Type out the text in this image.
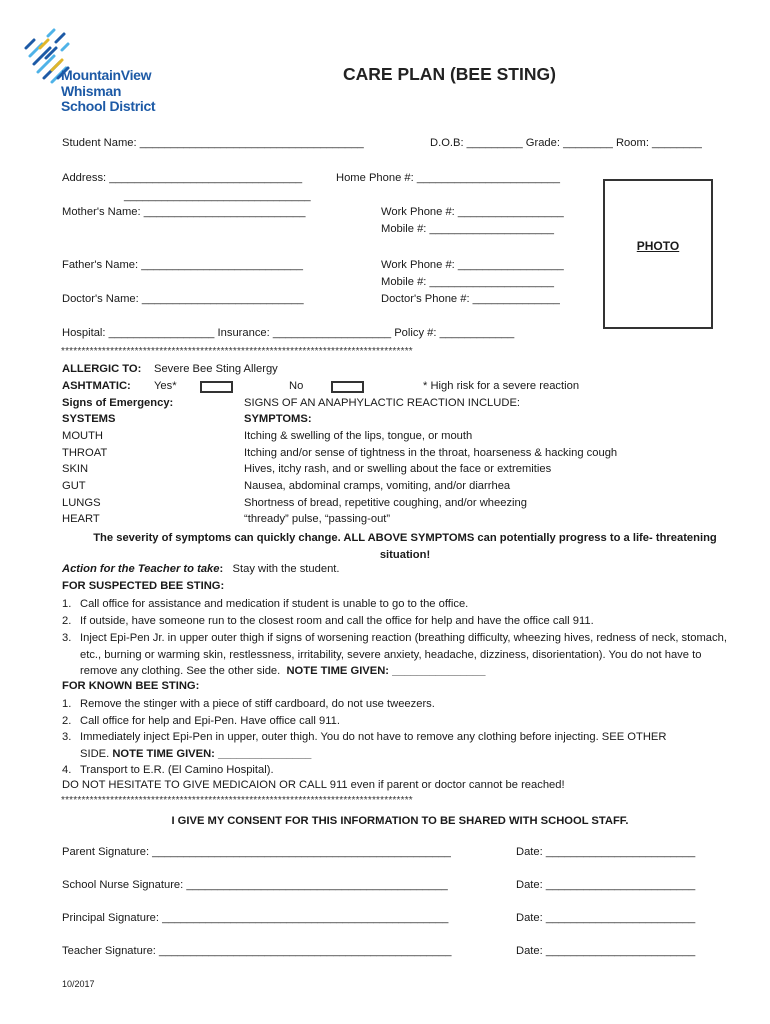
MountainView
Whisman
School District
CARE PLAN (BEE STING)
Student Name: ____________________________________	D.O.B: _________ Grade: ________ Room: ________
Address: _______________________________	Home Phone #: _______________________
______________________________
Mother's Name: __________________________	Work Phone #: _________________
Mobile #: ____________________
PHOTO
Father's Name: __________________________	Work Phone #: _________________
Mobile #: ____________________
Doctor's Name: __________________________	Doctor's Phone #: ______________
Hospital: _________________ Insurance: ___________________ Policy #: ____________
**************************************************************************************
ALLERGIC TO: Severe Bee Sting Allergy
ASHTMATIC: Yes*	No	* High risk for a severe reaction
Signs of Emergency:	SIGNS OF AN ANAPHYLACTIC REACTION INCLUDE:
SYSTEMS	SYMPTOMS:
MOUTH	Itching & swelling of the lips, tongue, or mouth
THROAT	Itching and/or sense of tightness in the throat, hoarseness & hacking cough
SKIN	Hives, itchy rash, and or swelling about the face or extremities
GUT	Nausea, abdominal cramps, vomiting, and/or diarrhea
LUNGS	Shortness of bread, repetitive coughing, and/or wheezing
HEART	“thready” pulse, “passing-out”
The severity of symptoms can quickly change. ALL ABOVE SYMPTOMS can potentially progress to a life- threatening situation!
Action for the Teacher to take: Stay with the student.
FOR SUSPECTED BEE STING:
1. Call office for assistance and medication if student is unable to go to the office.
2. If outside, have someone run to the closest room and call the office for help and have the office call 911.
3. Inject Epi-Pen Jr. in upper outer thigh if signs of worsening reaction (breathing difficulty, wheezing hives, redness of neck, stomach, etc., burning or warming skin, restlessness, irritability, severe anxiety, headache, dizziness, disorientation). You do not have to remove any clothing. See the other side. NOTE TIME GIVEN: _______________
FOR KNOWN BEE STING:
1. Remove the stinger with a piece of stiff cardboard, do not use tweezers.
2. Call office for help and Epi-Pen. Have office call 911.
3. Immediately inject Epi-Pen in upper, outer thigh. You do not have to remove any clothing before injecting. SEE OTHER SIDE. NOTE TIME GIVEN: _______________
4. Transport to E.R. (El Camino Hospital).
DO NOT HESITATE TO GIVE MEDICAION OR CALL 911 even if parent or doctor cannot be reached!
**************************************************************************************
I GIVE MY CONSENT FOR THIS INFORMATION TO BE SHARED WITH SCHOOL STAFF.
Parent Signature: ________________________________________________	Date: ________________________
School Nurse Signature: __________________________________________	Date: ________________________
Principal Signature: ______________________________________________	Date: ________________________
Teacher Signature: _______________________________________________	Date: ________________________
10/2017
